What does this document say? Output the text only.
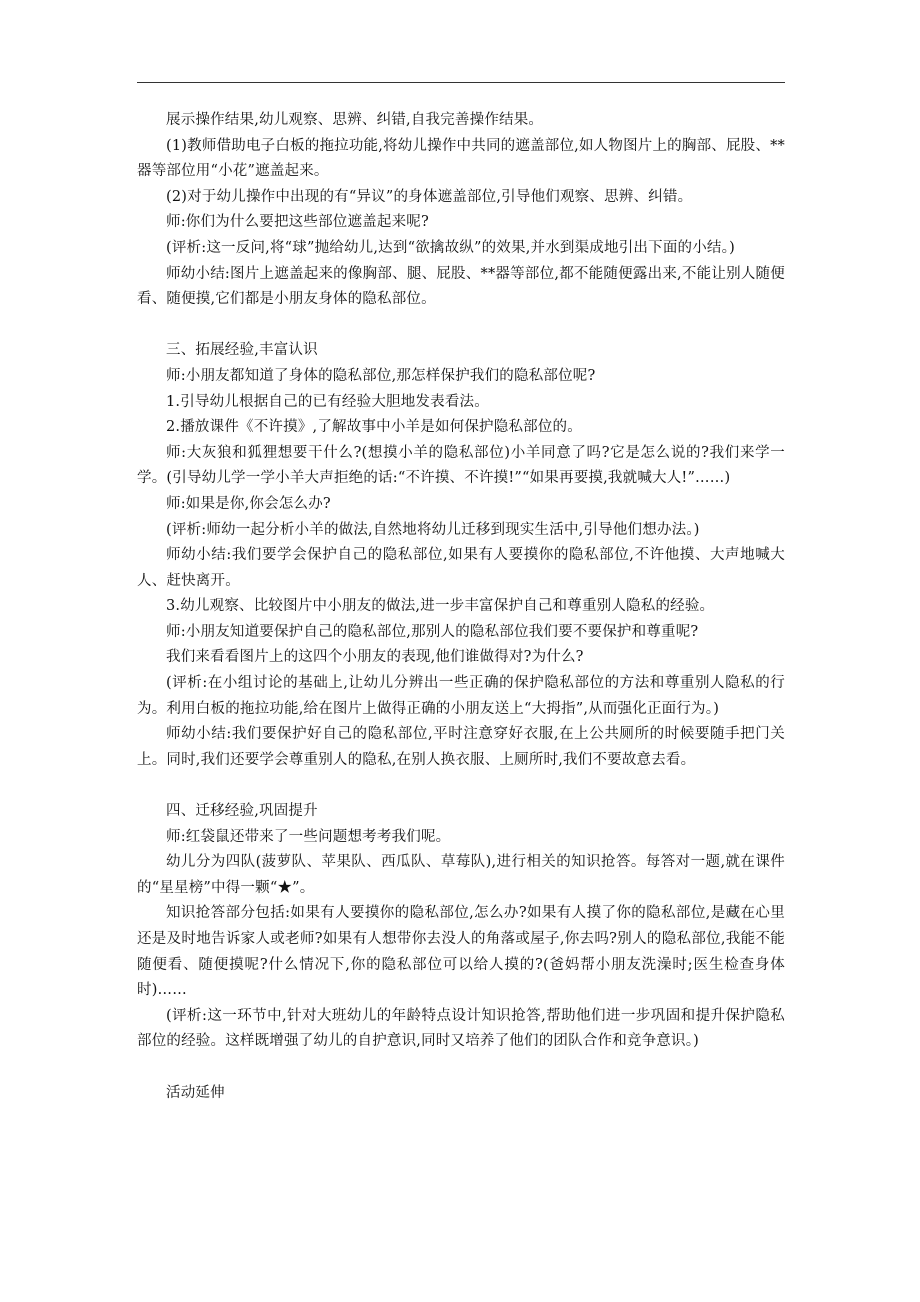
展示操作结果,幼儿观察、思辨、纠错,自我完善操作结果。

(1)教师借助电子白板的拖拉功能,将幼儿操作中共同的遮盖部位,如人物图片上的胸部、屁股、**器等部位用“小花”遮盖起来。

(2)对于幼儿操作中出现的有“异议”的身体遮盖部位,引导他们观察、思辨、纠错。

师:你们为什么要把这些部位遮盖起来呢?

(评析:这一反问,将“球”抛给幼儿,达到“欲擒故纵”的效果,并水到渠成地引出下面的小结。)

师幼小结:图片上遮盖起来的像胸部、腿、屁股、**器等部位,都不能随便露出来,不能让别人随便看、随便摸,它们都是小朋友身体的隐私部位。

三、拓展经验,丰富认识

师:小朋友都知道了身体的隐私部位,那怎样保护我们的隐私部位呢?

1.引导幼儿根据自己的已有经验大胆地发表看法。

2.播放课件《不许摸》,了解故事中小羊是如何保护隐私部位的。

师:大灰狼和狐狸想要干什么?(想摸小羊的隐私部位)小羊同意了吗?它是怎么说的?我们来学一学。(引导幼儿学一学小羊大声拒绝的话:“不许摸、不许摸!”“如果再要摸,我就喊大人!”……)

师:如果是你,你会怎么办?

(评析:师幼一起分析小羊的做法,自然地将幼儿迁移到现实生活中,引导他们想办法。)

师幼小结:我们要学会保护自己的隐私部位,如果有人要摸你的隐私部位,不许他摸、大声地喊大人、赶快离开。

3.幼儿观察、比较图片中小朋友的做法,进一步丰富保护自己和尊重别人隐私的经验。

师:小朋友知道要保护自己的隐私部位,那别人的隐私部位我们要不要保护和尊重呢?

我们来看看图片上的这四个小朋友的表现,他们谁做得对?为什么?

(评析:在小组讨论的基础上,让幼儿分辨出一些正确的保护隐私部位的方法和尊重别人隐私的行为。利用白板的拖拉功能,给在图片上做得正确的小朋友送上“大拇指”,从而强化正面行为。)

师幼小结:我们要保护好自己的隐私部位,平时注意穿好衣服,在上公共厕所的时候要随手把门关上。同时,我们还要学会尊重别人的隐私,在别人换衣服、上厕所时,我们不要故意去看。

四、迁移经验,巩固提升

师:红袋鼠还带来了一些问题想考考我们呢。

幼儿分为四队(菠萝队、苹果队、西瓜队、草莓队),进行相关的知识抢答。每答对一题,就在课件的“星星榜”中得一颗“★”。

知识抢答部分包括:如果有人要摸你的隐私部位,怎么办?如果有人摸了你的隐私部位,是藏在心里还是及时地告诉家人或老师?如果有人想带你去没人的角落或屋子,你去吗?别人的隐私部位,我能不能随便看、随便摸呢?什么情况下,你的隐私部位可以给人摸的?(爸妈帮小朋友洗澡时;医生检查身体时)……

(评析:这一环节中,针对大班幼儿的年龄特点设计知识抢答,帮助他们进一步巩固和提升保护隐私部位的经验。这样既增强了幼儿的自护意识,同时又培养了他们的团队合作和竞争意识。)

活动延伸
